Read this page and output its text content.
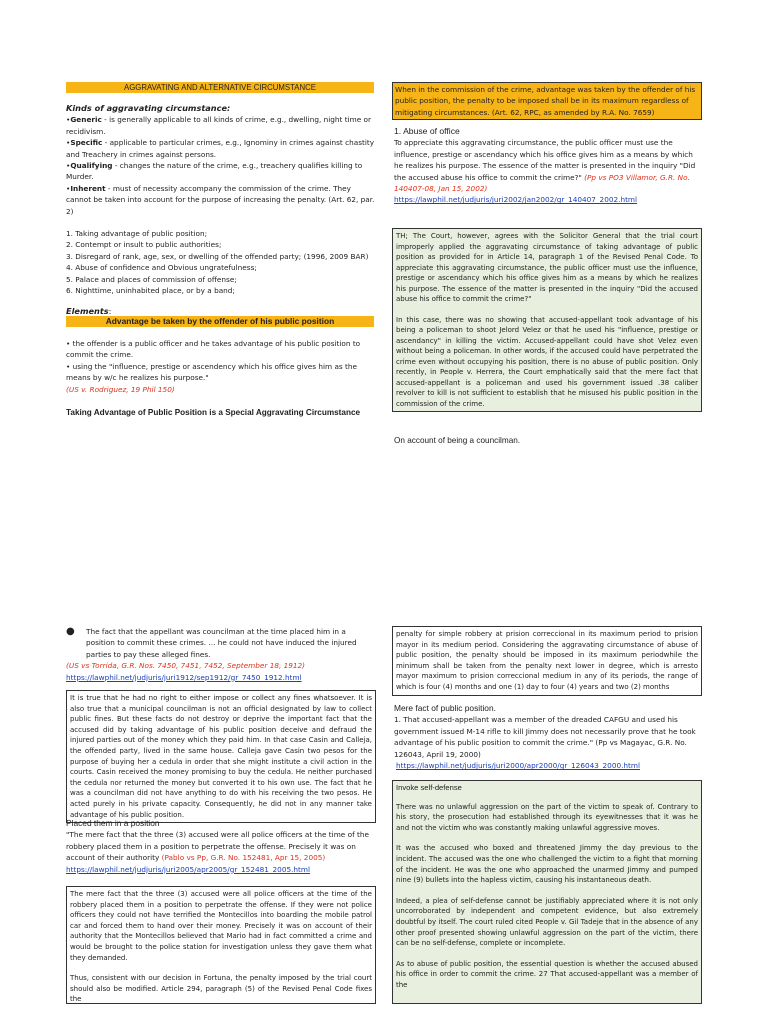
AGGRAVATING AND ALTERNATIVE CIRCUMSTANCE

Kinds of aggravating circumstance:

•Generic - is generally applicable to all kinds of crime, e.g., dwelling, night time or recidivism.

•Specific - applicable to particular crimes, e.g., Ignominy in crimes against chastity and Treachery in crimes against persons.

•Qualifying - changes the nature of the crime, e.g., treachery qualifies killing to Murder.

•Inherent - must of necessity accompany the commission of the crime. They cannot be taken into account for the purpose of increasing the penalty. (Art. 62, par. 2)

1. Taking advantage of public position;

2. Contempt or insult to public authorities;

3. Disregard of rank, age, sex, or dwelling of the offended party; (1996, 2009 BAR)

4. Abuse of confidence and Obvious ungratefulness;

5. Palace and places of commission of offense;

6. Nighttime, uninhabited place, or by a band;

Elements:

Advantage be taken by the offender of his public position

• the offender is a public officer and he takes advantage of his public position to commit the crime.

• using the "influence, prestige or ascendency which his office gives him as the means by w/c he realizes his purpose."

(US v. Rodriguez, 19 Phil 150)

Taking Advantage of Public Position is a Special Aggravating Circumstance

When in the commission of the crime, advantage was taken by the offender of his public position, the penalty to be imposed shall be in its maximum regardless of mitigating circumstances. (Art. 62, RPC, as amended by R.A. No. 7659)

1. Abuse of office

To appreciate this aggravating circumstance, the public officer must use the influence, prestige or ascendancy which his office gives him as a means by which he realizes his purpose. The essence of the matter is presented in the inquiry "Did the accused abuse his office to commit the crime?" (Pp vs PO3 Villamor, G.R. No. 140407-08, Jan 15, 2002)

https://lawphil.net/judjuris/juri2002/jan2002/gr_140407_2002.html

TH; The Court, however, agrees with the Solicitor General that the trial court improperly applied the aggravating circumstance of taking advantage of public position as provided for in Article 14, paragraph 1 of the Revised Penal Code. To appreciate this aggravating circumstance, the public officer must use the influence, prestige or ascendancy which his office gives him as a means by which he realizes his purpose. The essence of the matter is presented in the inquiry "Did the accused abuse his office to commit the crime?"

In this case, there was no showing that accused-appellant took advantage of his being a policeman to shoot Jelord Velez or that he used his "influence, prestige or ascendancy" in killing the victim. Accused-appellant could have shot Velez even without being a policeman. In other words, if the accused could have perpetrated the crime even without occupying his position, there is no abuse of public position. Only recently, in People v. Herrera, the Court emphatically said that the mere fact that accused-appellant is a policeman and used his government issued .38 caliber revolver to kill is not sufficient to establish that he misused his public position in the commission of the crime.

On account of being a councilman.
● The fact that the appellant was councilman at the time placed him in a position to commit these crimes. ... he could not have induced the injured parties to pay these alleged fines.

(US vs Torrida, G.R. Nos. 7450, 7451, 7452, September 18, 1912)

https://lawphil.net/judjuris/juri1912/sep1912/gr_7450_1912.html

It is true that he had no right to either impose or collect any fines whatsoever. It is also true that a municipal councilman is not an official designated by law to collect public fines. But these facts do not destroy or deprive the important fact that the accused did by taking advantage of his public position deceive and defraud the injured parties out of the money which they paid him. In that case Casin and Calleja, the offended party, lived in the same house. Calleja gave Casin two pesos for the purpose of buying her a cedula in order that she might institute a civil action in the courts. Casin received the money promising to buy the cedula. He neither purchased the cedula nor returned the money but converted it to his own use. The fact that he was a councilman did not have anything to do with his receiving the two pesos. He acted purely in his private capacity. Consequently, he did not in any manner take advantage of his public position.

Placed them in a position

"The mere fact that the three (3) accused were all police officers at the time of the robbery placed them in a position to perpetrate the offense. Precisely it was on account of their authority (Pablo vs Pp, G.R. No. 152481, Apr 15, 2005)

https://lawphil.net/judjuris/juri2005/apr2005/gr_152481_2005.html

The mere fact that the three (3) accused were all police officers at the time of the robbery placed them in a position to perpetrate the offense. If they were not police officers they could not have terrified the Montecillos into boarding the mobile patrol car and forced them to hand over their money. Precisely it was on account of their authority that the Montecillos believed that Mario had in fact committed a crime and would be brought to the police station for investigation unless they gave them what they demanded.

Thus, consistent with our decision in Fortuna, the penalty imposed by the trial court should also be modified. Article 294, paragraph (5) of the Revised Penal Code fixes the

penalty for simple robbery at prision correccional in its maximum period to prision mayor in its medium period. Considering the aggravating circumstance of abuse of public position, the penalty should be imposed in its maximum periodwhile the minimum shall be taken from the penalty next lower in degree, which is arresto mayor maximum to prision correccional medium in any of its periods, the range of which is four (4) months and one (1) day to four (4) years and two (2) months

Mere fact of public position.

1. That accused-appellant was a member of the dreaded CAFGU and used his government issued M-14 rifle to kill Jimmy does not necessarily prove that he took advantage of his public position to commit the crime." (Pp vs Magayac, G.R. No. 126043, April 19, 2000)

https://lawphil.net/judjuris/juri2000/apr2000/gr_126043_2000.html

Invoke self-defense

There was no unlawful aggression on the part of the victim to speak of. Contrary to his story, the prosecution had established through its eyewitnesses that it was he and not the victim who was constantly making unlawful aggressive moves.

It was the accused who boxed and threatened Jimmy the day previous to the incident. The accused was the one who challenged the victim to a fight that morning of the incident. He was the one who approached the unarmed Jimmy and pumped nine (9) bullets into the hapless victim, causing his instantaneous death.

Indeed, a plea of self-defense cannot be justifiably appreciated where it is not only uncorroborated by independent and competent evidence, but also extremely doubtful by itself. The court ruled cited People v. Gil Tadeje that in the absence of any other proof presented showing unlawful aggression on the part of the victim, there can be no self-defense, complete or incomplete.

As to abuse of public position, the essential question is whether the accused abused his office in order to commit the crime. 27 That accused-appellant was a member of the
